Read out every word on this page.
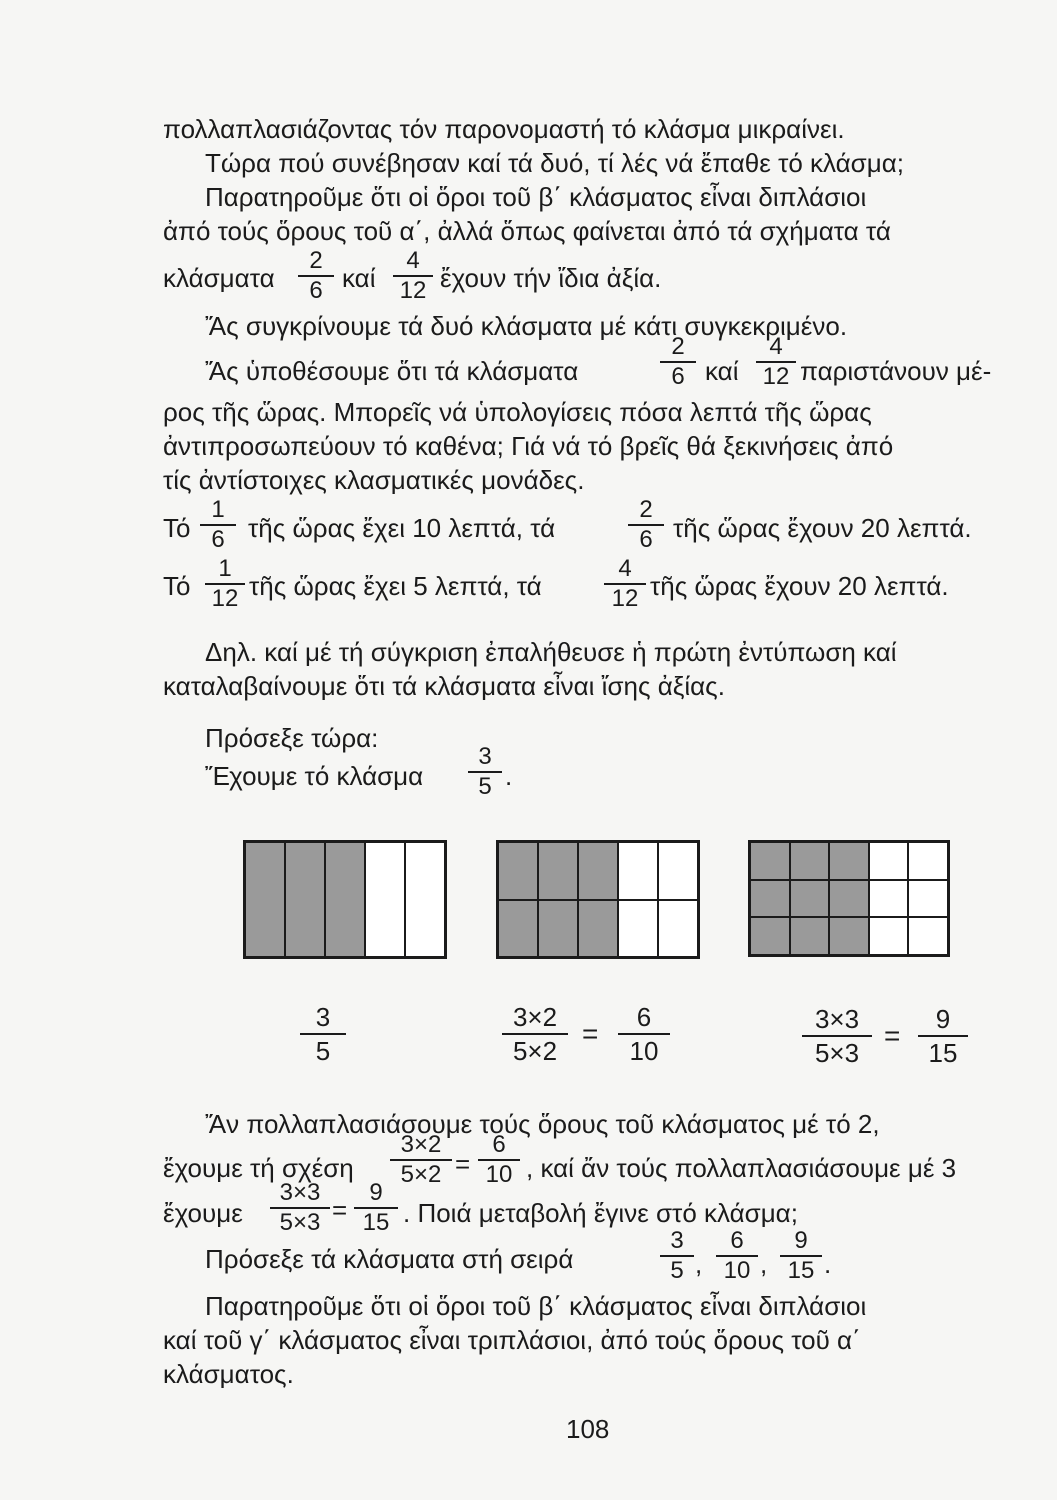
πολλαπλασιάζοντας τόν παρονομαστή τό κλάσμα μικραίνει.
Τώρα πού συνέβησαν καί τά δυό, τί λές νά ἔπαθε τό κλάσμα;
Παρατηροῦμε ὅτι οἱ ὅροι τοῦ β΄ κλάσματος εἶναι διπλάσιοι
ἀπό τούς ὅρους τοῦ α΄, ἀλλά ὅπως φαίνεται ἀπό τά σχήματα τά
κλάσματα
2
6 καί
4
12 ἔχουν τήν ἴδια ἀξία.
Ἄς συγκρίνουμε τά δυό κλάσματα μέ κάτι συγκεκριμένο.
Ἄς ὑποθέσουμε ὅτι τά κλάσματα
2
6 καί
4
12 παριστάνουν μέ-
ρος τῆς ὥρας. Μπορεῖς νά ὑπολογίσεις πόσα λεπτά τῆς ὥρας
ἀντιπροσωπεύουν τό καθένα; Γιά νά τό βρεῖς θά ξεκινήσεις ἀπό
τίς ἀντίστοιχες κλασματικές μονάδες.
Τό
1
6 τῆς ὥρας ἔχει 10 λεπτά, τά
2
6 τῆς ὥρας ἔχουν 20 λεπτά.
Τό
1
12 τῆς ὥρας ἔχει 5 λεπτά, τά
4
12 τῆς ὥρας ἔχουν 20 λεπτά.
Δηλ. καί μέ τή σύγκριση ἐπαλήθευσε ἡ πρώτη ἐντύπωση καί
καταλαβαίνουμε ὅτι τά κλάσματα εἶναι ἴσης ἀξίας.
Πρόσεξε τώρα:
Ἔχουμε τό κλάσμα
3
5 .
3
5
3×2
5×2
=
6
10
3×3
5×3
=
9
15
Ἄν πολλαπλασιάσουμε τούς ὅρους τοῦ κλάσματος μέ τό 2,
ἔχουμε τή σχέση
3×2
5×2 =
6
10 , καί ἄν τούς πολλαπλασιάσουμε μέ 3
ἔχουμε
3×3
5×3 =
9
15 . Ποιά μεταβολή ἔγινε στό κλάσμα;
Πρόσεξε τά κλάσματα στή σειρά
3
5 ,
6
10 ,
9
15 .
Παρατηροῦμε ὅτι οἱ ὅροι τοῦ β΄ κλάσματος εἶναι διπλάσιοι
καί τοῦ γ΄ κλάσματος εἶναι τριπλάσιοι, ἀπό τούς ὅρους τοῦ α΄
κλάσματος.
108
